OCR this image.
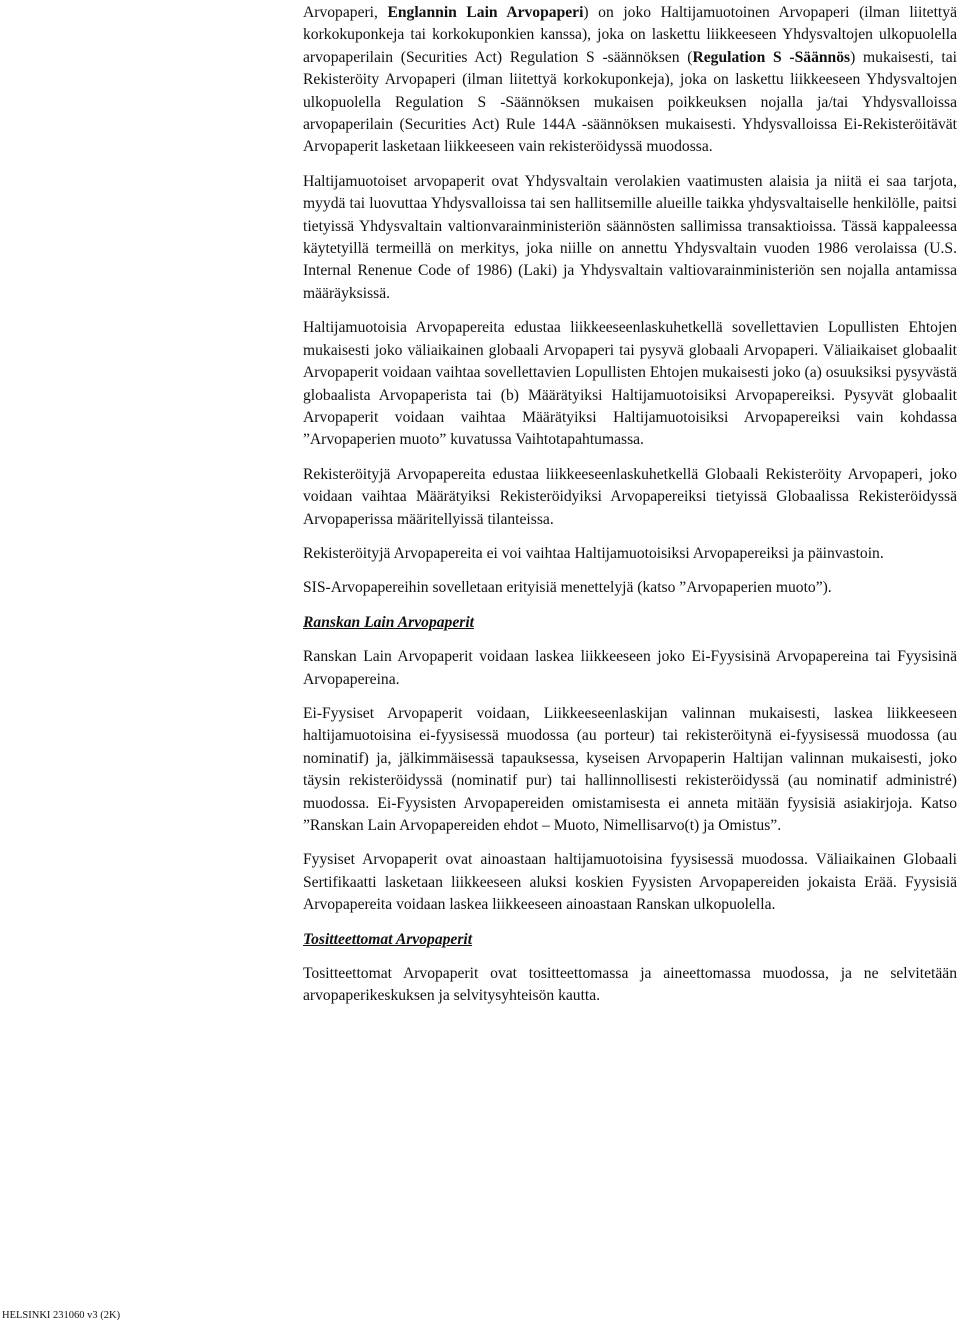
Arvopaperi, Englannin Lain Arvopaperi) on joko Haltijamuotoinen Arvopaperi (ilman liitettyä korkokuponkeja tai korkokuponkien kanssa), joka on laskettu liikkeeseen Yhdysvaltojen ulkopuolella arvopaperilain (Securities Act) Regulation S -säännöksen (Regulation S -Säännös) mukaisesti, tai Rekisteröity Arvopaperi (ilman liitettyä korkokuponkeja), joka on laskettu liikkeeseen Yhdysvaltojen ulkopuolella Regulation S -Säännöksen mukaisen poikkeuksen nojalla ja/tai Yhdysvalloissa arvopaperilain (Securities Act) Rule 144A -säännöksen mukaisesti. Yhdysvalloissa Ei-Rekisteröitävät Arvopaperit lasketaan liikkeeseen vain rekisteröidyssä muodossa.

Haltijamuotoiset arvopaperit ovat Yhdysvaltain verolakien vaatimusten alaisia ja niitä ei saa tarjota, myydä tai luovuttaa Yhdysvalloissa tai sen hallitsemille alueille taikka yhdysvaltaiselle henkilölle, paitsi tietyissä Yhdysvaltain valtionvarainministeriön säännösten sallimissa transaktioissa. Tässä kappaleessa käytetyillä termeillä on merkitys, joka niille on annettu Yhdysvaltain vuoden 1986 verolaissa (U.S. Internal Renenue Code of 1986) (Laki) ja Yhdysvaltain valtiovarainministeriön sen nojalla antamissa määräyksissä.

Haltijamuotoisia Arvopapereita edustaa liikkeeseenlaskuhetkellä sovellettavien Lopullisten Ehtojen mukaisesti joko väliaikainen globaali Arvopaperi tai pysyvä globaali Arvopaperi. Väliaikaiset globaalit Arvopaperit voidaan vaihtaa sovellettavien Lopullisten Ehtojen mukaisesti joko (a) osuuksiksi pysyvästä globaalista Arvopaperista tai (b) Määrätyiksi Haltijamuotoisiksi Arvopapereiksi. Pysyvät globaalit Arvopaperit voidaan vaihtaa Määrätyiksi Haltijamuotoisiksi Arvopapereiksi vain kohdassa ”Arvopaperien muoto” kuvatussa Vaihtotapahtumassa.

Rekisteröityjä Arvopapereita edustaa liikkeeseenlaskuhetkellä Globaali Rekisteröity Arvopaperi, joko voidaan vaihtaa Määrätyiksi Rekisteröidyiksi Arvopapereiksi tietyissä Globaalissa Rekisteröidyssä Arvopaperissa määritellyissä tilanteissa.

Rekisteröityjä Arvopapereita ei voi vaihtaa Haltijamuotoisiksi Arvopapereiksi ja päinvastoin.

SIS-Arvopapereihin sovelletaan erityisiä menettelyjä (katso ”Arvopaperien muoto”).

Ranskan Lain Arvopaperit

Ranskan Lain Arvopaperit voidaan laskea liikkeeseen joko Ei-Fyysisinä Arvopapereina tai Fyysisinä Arvopapereina.

Ei-Fyysiset Arvopaperit voidaan, Liikkeeseenlaskijan valinnan mukaisesti, laskea liikkeeseen haltijamuotoisina ei-fyysisessä muodossa (au porteur) tai rekisteröitynä ei-fyysisessä muodossa (au nominatif) ja, jälkimmäisessä tapauksessa, kyseisen Arvopaperin Haltijan valinnan mukaisesti, joko täysin rekisteröidyssä (nominatif pur) tai hallinnollisesti rekisteröidyssä (au nominatif administré) muodossa. Ei-Fyysisten Arvopapereiden omistamisesta ei anneta mitään fyysisiä asiakirjoja. Katso ”Ranskan Lain Arvopapereiden ehdot – Muoto, Nimellisarvo(t) ja Omistus”.

Fyysiset Arvopaperit ovat ainoastaan haltijamuotoisina fyysisessä muodossa. Väliaikainen Globaali Sertifikaatti lasketaan liikkeeseen aluksi koskien Fyysisten Arvopapereiden jokaista Erää. Fyysisiä Arvopapereita voidaan laskea liikkeeseen ainoastaan Ranskan ulkopuolella.

Tositteettomat Arvopaperit

Tositteettomat Arvopaperit ovat tositteettomassa ja aineettomassa muodossa, ja ne selvitetään arvopaperikeskuksen ja selvitysyhteisön kautta.

HELSINKI 231060 v3 (2K)
